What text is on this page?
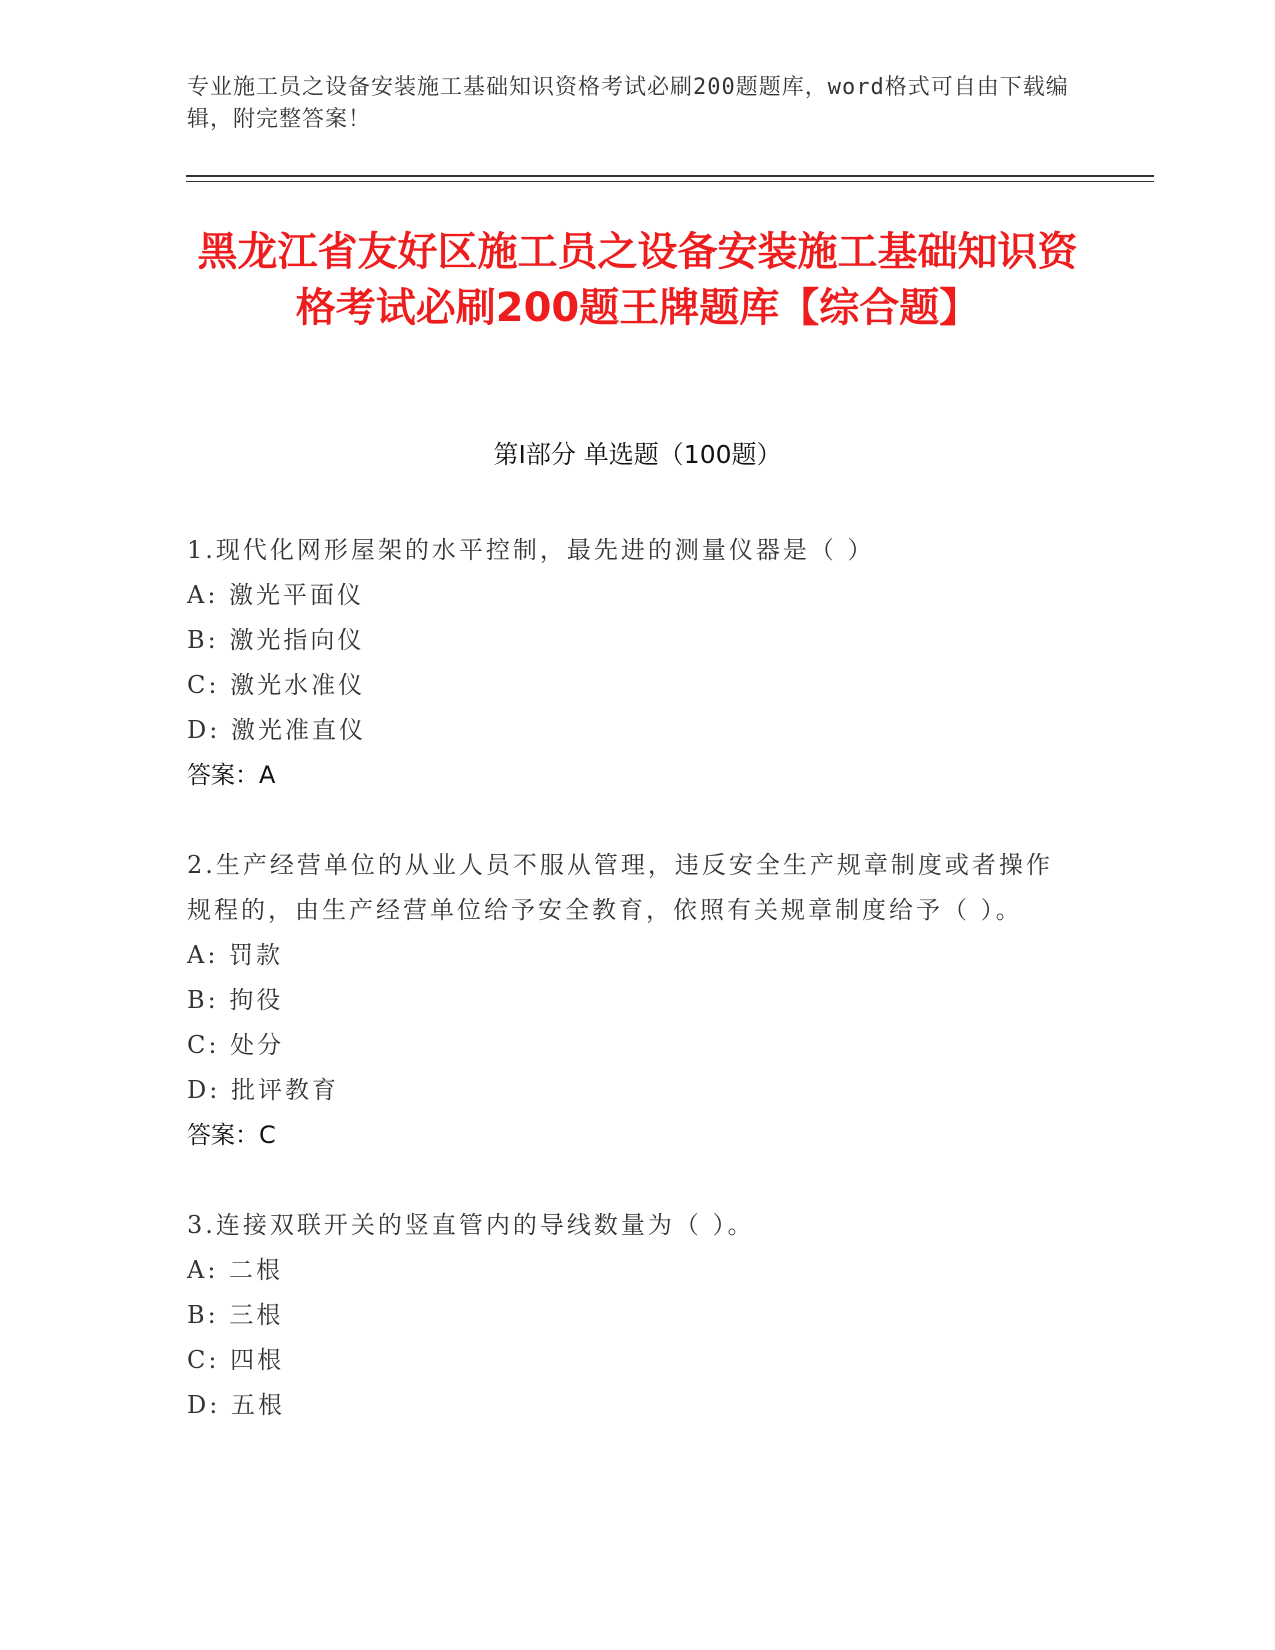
专业施工员之设备安装施工基础知识资格考试必刷200题题库，word格式可自由下载编辑，附完整答案！
黑龙江省友好区施工员之设备安装施工基础知识资格考试必刷200题王牌题库【综合题】
第Ⅰ部分 单选题（100题）
1.现代化网形屋架的水平控制，最先进的测量仪器是（ ）
A: 激光平面仪
B: 激光指向仪
C: 激光水准仪
D: 激光准直仪
答案：A
2.生产经营单位的从业人员不服从管理，违反安全生产规章制度或者操作规程的，由生产经营单位给予安全教育，依照有关规章制度给予（ ）。
A: 罚款
B: 拘役
C: 处分
D: 批评教育
答案：C
3.连接双联开关的竖直管内的导线数量为（ ）。
A: 二根
B: 三根
C: 四根
D: 五根
